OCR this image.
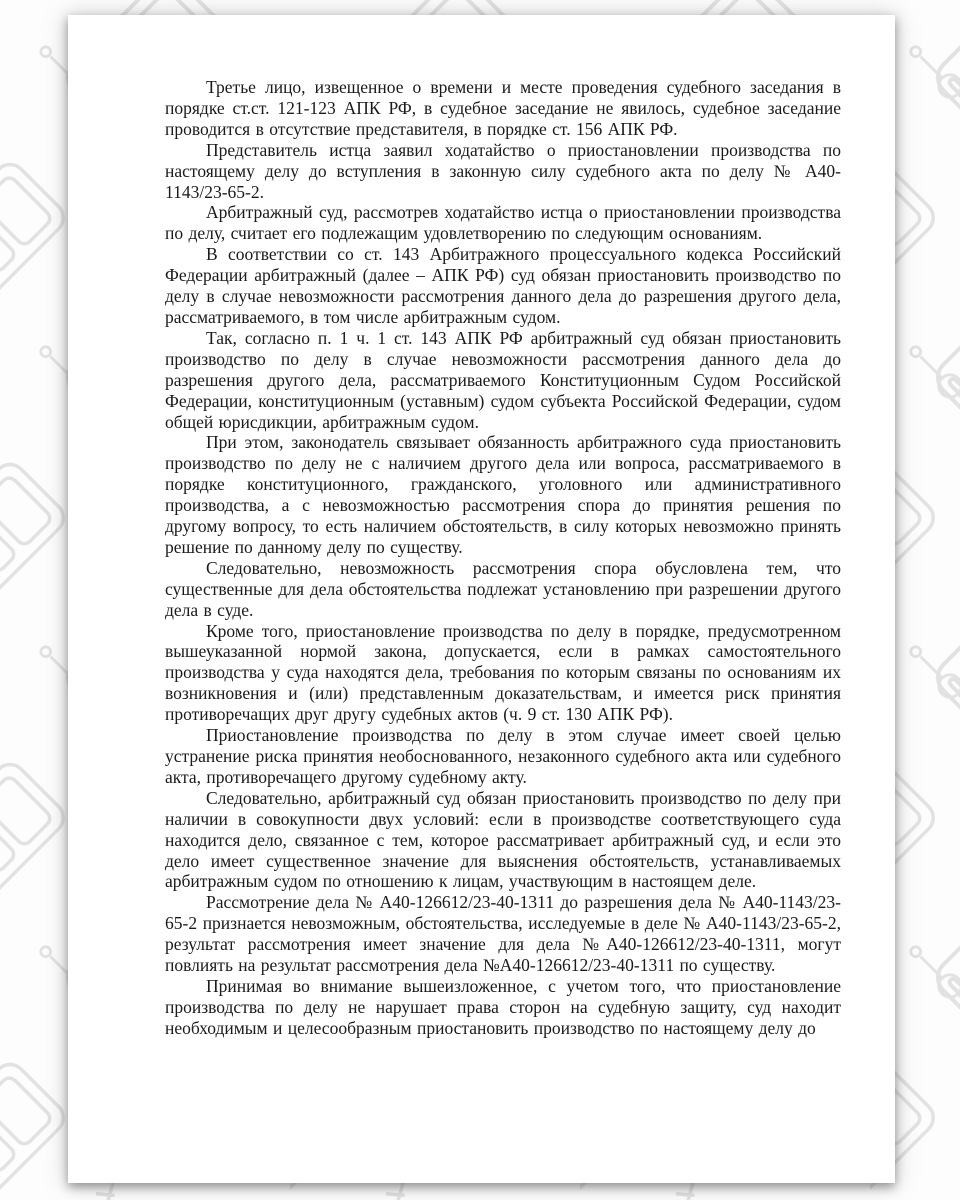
Третье лицо, извещенное о времени и месте проведения судебного заседания в порядке ст.ст. 121-123 АПК РФ, в судебное заседание не явилось, судебное заседание проводится в отсутствие представителя, в порядке ст. 156 АПК РФ.

Представитель истца заявил ходатайство о приостановлении производства по настоящему делу до вступления в законную силу судебного акта по делу № А40-1143/23-65-2.

Арбитражный суд, рассмотрев ходатайство истца о приостановлении производства по делу, считает его подлежащим удовлетворению по следующим основаниям.

В соответствии со ст. 143 Арбитражного процессуального кодекса Российский Федерации арбитражный (далее – АПК РФ) суд обязан приостановить производство по делу в случае невозможности рассмотрения данного дела до разрешения другого дела, рассматриваемого, в том числе арбитражным судом.

Так, согласно п. 1 ч. 1 ст. 143 АПК РФ арбитражный суд обязан приостановить производство по делу в случае невозможности рассмотрения данного дела до разрешения другого дела, рассматриваемого Конституционным Судом Российской Федерации, конституционным (уставным) судом субъекта Российской Федерации, судом общей юрисдикции, арбитражным судом.

При этом, законодатель связывает обязанность арбитражного суда приостановить производство по делу не с наличием другого дела или вопроса, рассматриваемого в порядке конституционного, гражданского, уголовного или административного производства, а с невозможностью рассмотрения спора до принятия решения по другому вопросу, то есть наличием обстоятельств, в силу которых невозможно принять решение по данному делу по существу.

Следовательно, невозможность рассмотрения спора обусловлена тем, что существенные для дела обстоятельства подлежат установлению при разрешении другого дела в суде.

Кроме того, приостановление производства по делу в порядке, предусмотренном вышеуказанной нормой закона, допускается, если в рамках самостоятельного производства у суда находятся дела, требования по которым связаны по основаниям их возникновения и (или) представленным доказательствам, и имеется риск принятия противоречащих друг другу судебных актов (ч. 9 ст. 130 АПК РФ).

Приостановление производства по делу в этом случае имеет своей целью устранение риска принятия необоснованного, незаконного судебного акта или судебного акта, противоречащего другому судебному акту.

Следовательно, арбитражный суд обязан приостановить производство по делу при наличии в совокупности двух условий: если в производстве соответствующего суда находится дело, связанное с тем, которое рассматривает арбитражный суд, и если это дело имеет существенное значение для выяснения обстоятельств, устанавливаемых арбитражным судом по отношению к лицам, участвующим в настоящем деле.

Рассмотрение дела № А40-126612/23-40-1311 до разрешения дела № А40-1143/23-65-2 признается невозможным, обстоятельства, исследуемые в деле № А40-1143/23-65-2, результат рассмотрения имеет значение для дела №А40-126612/23-40-1311, могут повлиять на результат рассмотрения дела №А40-126612/23-40-1311 по существу.

Принимая во внимание вышеизложенное, с учетом того, что приостановление производства по делу не нарушает права сторон на судебную защиту, суд находит необходимым и целесообразным приостановить производство по настоящему делу до
